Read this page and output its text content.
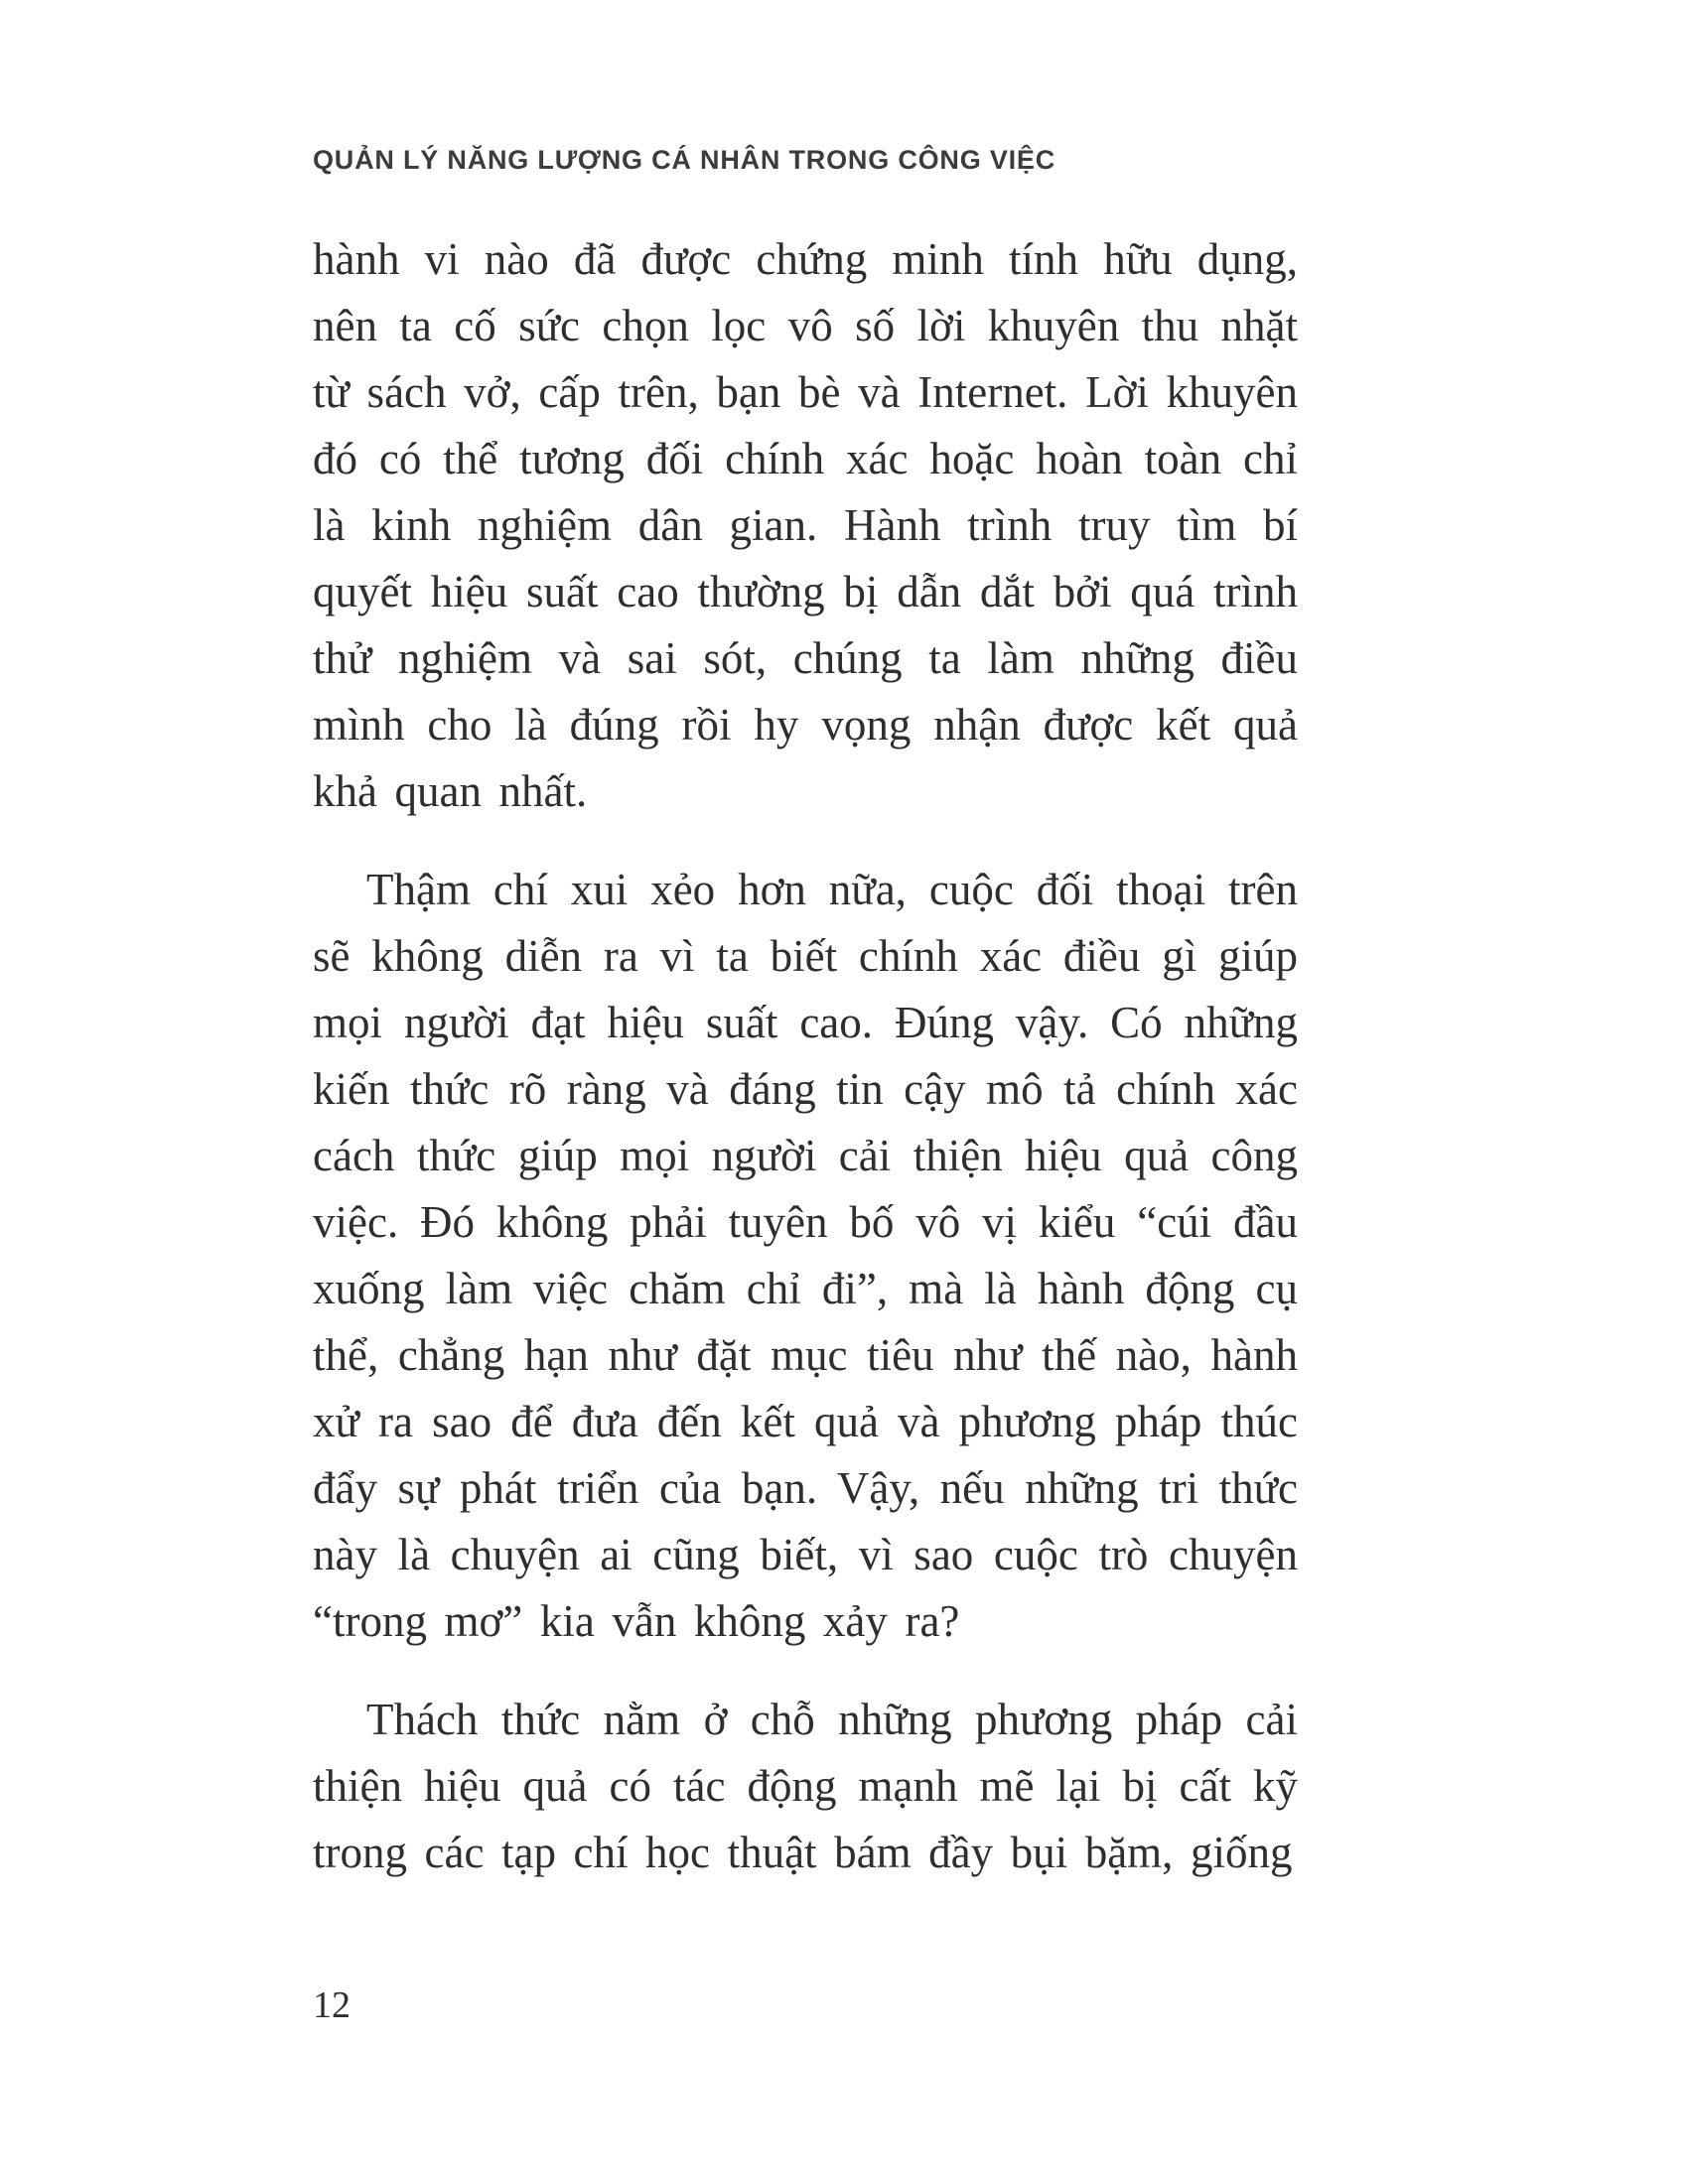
QUẢN LÝ NĂNG LƯỢNG CÁ NHÂN TRONG CÔNG VIỆC

hành vi nào đã được chứng minh tính hữu dụng, nên ta cố sức chọn lọc vô số lời khuyên thu nhặt từ sách vở, cấp trên, bạn bè và Internet. Lời khuyên đó có thể tương đối chính xác hoặc hoàn toàn chỉ là kinh nghiệm dân gian. Hành trình truy tìm bí quyết hiệu suất cao thường bị dẫn dắt bởi quá trình thử nghiệm và sai sót, chúng ta làm những điều mình cho là đúng rồi hy vọng nhận được kết quả khả quan nhất.

Thậm chí xui xẻo hơn nữa, cuộc đối thoại trên sẽ không diễn ra vì ta biết chính xác điều gì giúp mọi người đạt hiệu suất cao. Đúng vậy. Có những kiến thức rõ ràng và đáng tin cậy mô tả chính xác cách thức giúp mọi người cải thiện hiệu quả công việc. Đó không phải tuyên bố vô vị kiểu “cúi đầu xuống làm việc chăm chỉ đi”, mà là hành động cụ thể, chẳng hạn như đặt mục tiêu như thế nào, hành xử ra sao để đưa đến kết quả và phương pháp thúc đẩy sự phát triển của bạn. Vậy, nếu những tri thức này là chuyện ai cũng biết, vì sao cuộc trò chuyện “trong mơ” kia vẫn không xảy ra?

Thách thức nằm ở chỗ những phương pháp cải thiện hiệu quả có tác động mạnh mẽ lại bị cất kỹ trong các tạp chí học thuật bám đầy bụi bặm, giống

12
